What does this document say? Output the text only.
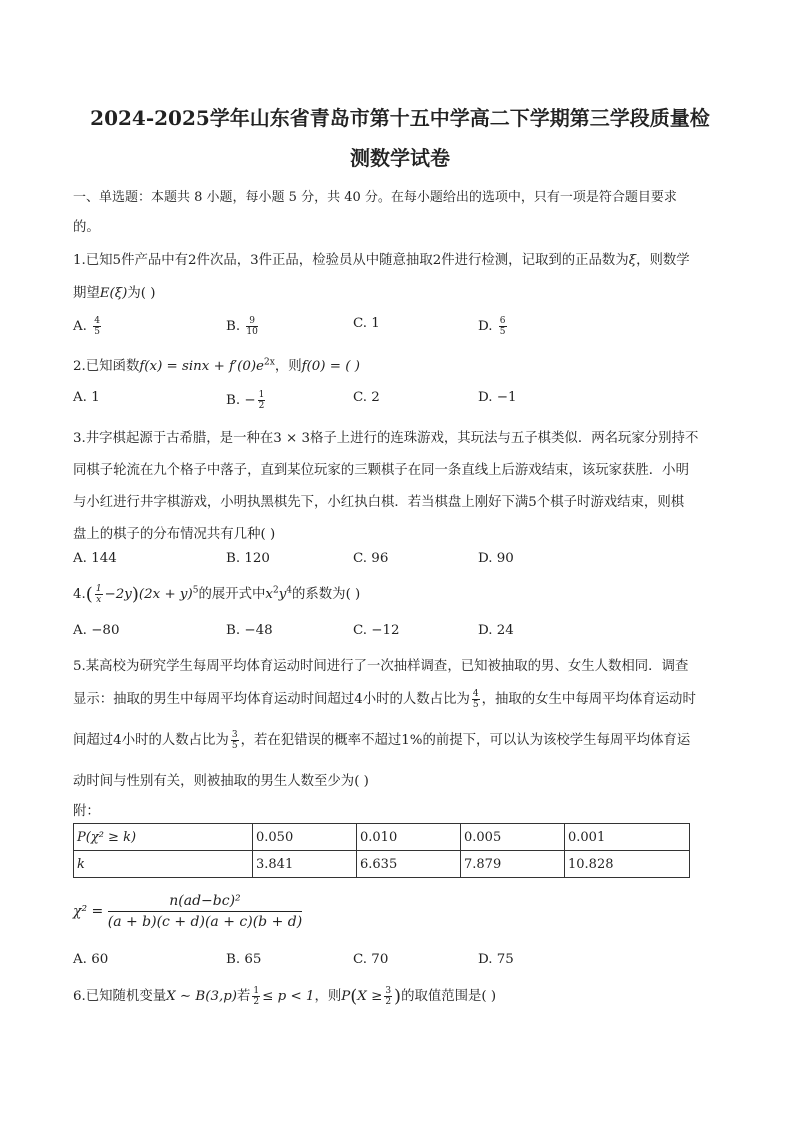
2024-2025学年山东省青岛市第十五中学高二下学期第三学段质量检
测数学试卷
一、单选题：本题共 8 小题，每小题 5 分，共 40 分。在每小题给出的选项中，只有一项是符合题目要求
的。
1.已知5件产品中有2件次品，3件正品，检验员从中随意抽取2件进行检测，记取到的正品数为ξ，则数学
期望E(ξ)为( )
A. $\frac{4}{5}$	B. $\frac{9}{10}$	C. 1	D. $\frac{6}{5}$
2.已知函数$f(x) = \sin x + f'(0)e^{2x}$，则f(0) = ( )
A. 1	B. − $\frac{1}{2}$	C. 2	D. −1
3.井字棋起源于古希腊，是一种在3 × 3格子上进行的连珠游戏，其玩法与五子棋类似．两名玩家分别持不
同棋子轮流在九个格子中落子，直到某位玩家的三颗棋子在同一条直线上后游戏结束，该玩家获胜．小明
与小红进行井字棋游戏，小明执黑棋先下，小红执白棋．若当棋盘上刚好下满5个棋子时游戏结束，则棋
盘上的棋子的分布情况共有几种( )
A. 144	B. 120	C. 96	D. 90
$4.( \frac{1}{x} -2y)(2x + y)^5$的展开式中$x^2y^4$的系数为( )
A. −80	B. −48	C. −12	D. 24
5.某高校为研究学生每周平均体育运动时间进行了一次抽样调查，已知被抽取的男、女生人数相同．调查
显示：抽取的男生中每周平均体育运动时间超过4小时的人数占比为 $\frac{4}{5}$ ，抽取的女生中每周平均体育运动时
间超过4小时的人数占比为 $\frac{3}{5}$ ，若在犯错误的概率不超过1%的前提下，可以认为该校学生每周平均体育运
动时间与性别有关，则被抽取的男生人数至少为( )
附：
P(χ² ≥ k)	0.050	0.010	0.005	0.001
k	3.841	6.635	7.879	10.828
$\chi^2 = \frac{\text{n(ad−bc)²}}{(a + b)(c + d)(a + c)(b + d)}$
A. 60	B. 65	C. 70	D. 75
6.已知随机变量X ∼ B(3,p)若 $\frac{1}{2} \le p < 1$，则$P(X \ge \frac{3}{2}$ )的取值范围是( )
